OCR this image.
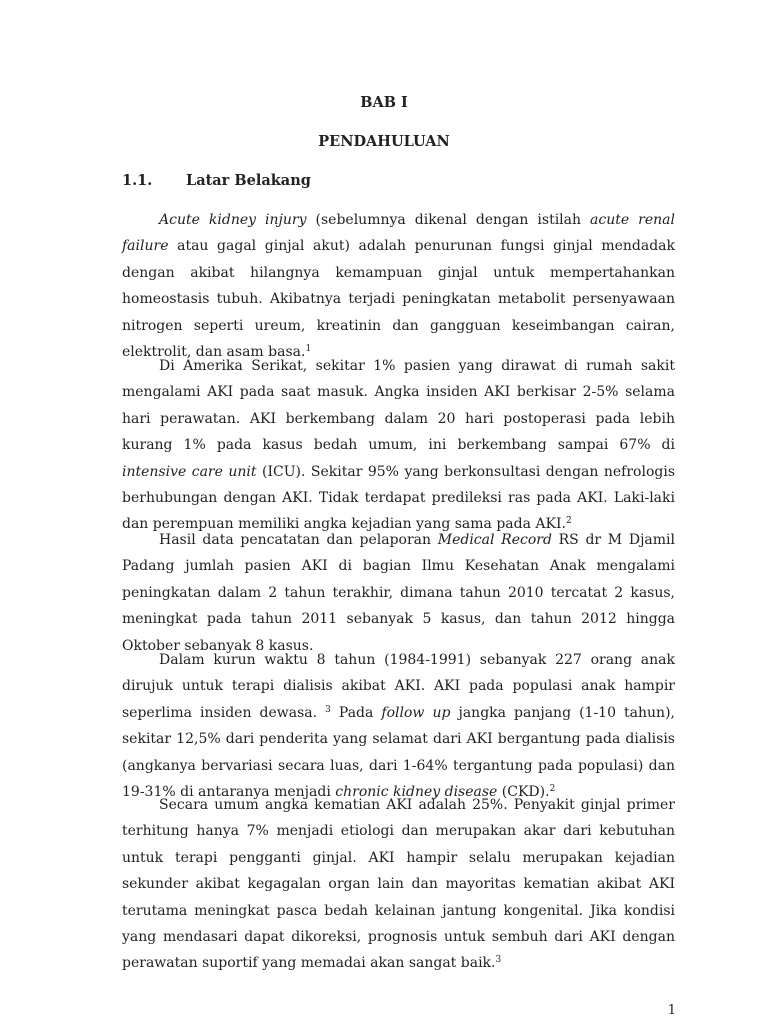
BAB I
PENDAHULUAN
1.1. Latar Belakang

Acute kidney injury (sebelumnya dikenal dengan istilah acute renal failure atau gagal ginjal akut) adalah penurunan fungsi ginjal mendadak dengan akibat hilangnya kemampuan ginjal untuk mempertahankan homeostasis tubuh. Akibatnya terjadi peningkatan metabolit persenyawaan nitrogen seperti ureum, kreatinin dan gangguan keseimbangan cairan, elektrolit, dan asam basa.$^1$

Di Amerika Serikat, sekitar 1% pasien yang dirawat di rumah sakit mengalami AKI pada saat masuk. Angka insiden AKI berkisar 2-5% selama hari perawatan. AKI berkembang dalam 20 hari postoperasi pada lebih kurang 1% pada kasus bedah umum, ini berkembang sampai 67% di intensive care unit (ICU). Sekitar 95% yang berkonsultasi dengan nefrologis berhubungan dengan AKI. Tidak terdapat predileksi ras pada AKI. Laki-laki dan perempuan memiliki angka kejadian yang sama pada AKI.$^2$

Hasil data pencatatan dan pelaporan Medical Record RS dr M Djamil Padang jumlah pasien AKI di bagian Ilmu Kesehatan Anak mengalami peningkatan dalam 2 tahun terakhir, dimana tahun 2010 tercatat 2 kasus, meningkat pada tahun 2011 sebanyak 5 kasus, dan tahun 2012 hingga Oktober sebanyak 8 kasus.

Dalam kurun waktu 8 tahun (1984-1991) sebanyak 227 orang anak dirujuk untuk terapi dialisis akibat AKI. AKI pada populasi anak hampir seperlima insiden dewasa. $^3$ Pada follow up jangka panjang (1-10 tahun), sekitar 12,5% dari penderita yang selamat dari AKI bergantung pada dialisis (angkanya bervariasi secara luas, dari 1-64% tergantung pada populasi) dan 19-31% di antaranya menjadi chronic kidney disease (CKD).$^2$

Secara umum angka kematian AKI adalah 25%. Penyakit ginjal primer terhitung hanya 7% menjadi etiologi dan merupakan akar dari kebutuhan untuk terapi pengganti ginjal. AKI hampir selalu merupakan kejadian sekunder akibat kegagalan organ lain dan mayoritas kematian akibat AKI terutama meningkat pasca bedah kelainan jantung kongenital. Jika kondisi yang mendasari dapat dikoreksi, prognosis untuk sembuh dari AKI dengan perawatan suportif yang memadai akan sangat baik.$^3$

1
